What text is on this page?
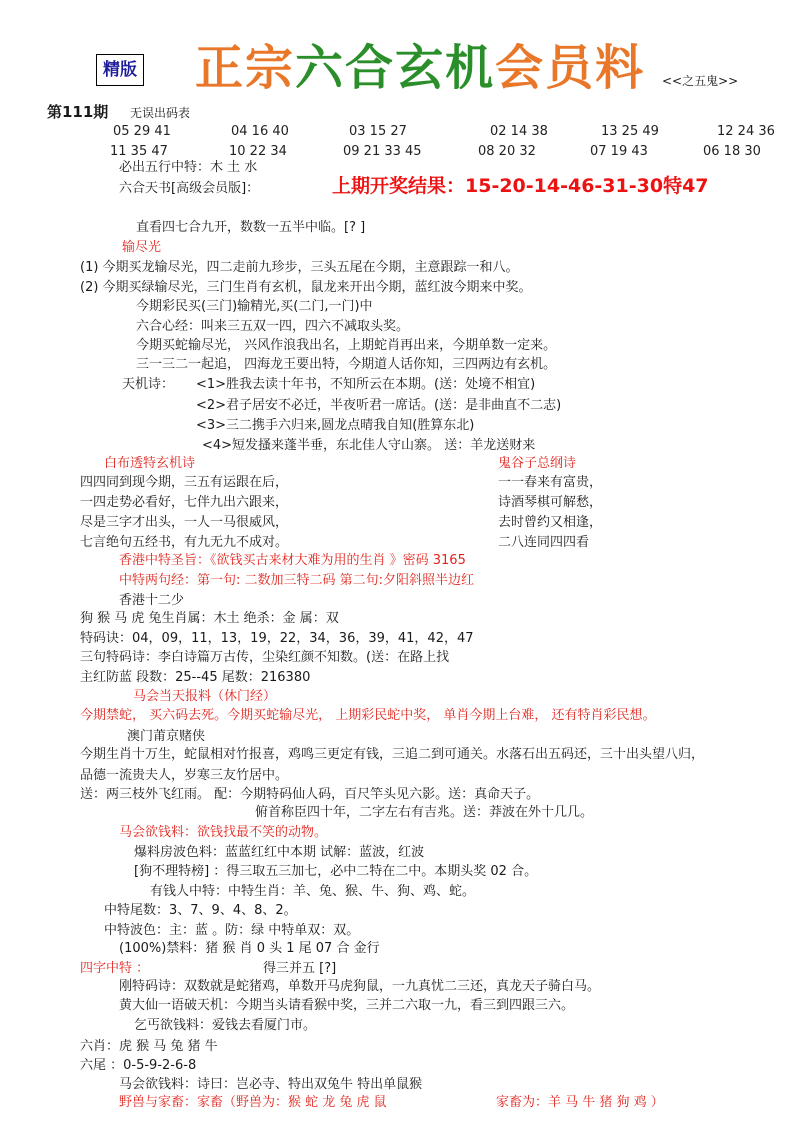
精版 正宗六合玄机会员料 <<之五鬼>>
第111期 无误出码表
05 29 41	04 16 40	03 15 27	02 14 38	13 25 49	12 24 36
11 35 47	10 22 34	09 21 33 45	08 20 32	07 19 43	06 18 30
上期开奖结果：15-20-14-46-31-30特47
必出五行中特：木 土 水
六合天书[高级会员版]：
直看四七合九开，数数一五半中临。[? ]
输尽光
(1) 今期买龙输尽光，四二走前九珍步，三头五尾在今期，主意跟踪一和八。
(2) 今期买绿输尽光，三门生肖有玄机，鼠龙来开出今期，蓝红波今期来中奖。
今期彩民买(三门)输精光,买(二门,一门)中
六合心经：叫来三五双一四，四六不减取头奖。
今期买蛇输尽光， 兴风作浪我出名，上期蛇肖再出来，今期单数一定来。
三一三二一起追， 四海龙王要出特，今期道人话你知，三四两边有玄机。
天机诗： <1>胜我去读十年书，不知所云在本期。(送：处境不相宜)
<2>君子居安不必迁，半夜听君一席话。(送：是非曲直不二志)
<3>三二携手六归来,圆龙点晴我自知(胜算东北)
<4>短发搔来蓬半垂，东北佳人守山寨。 送：羊龙送财来
白布透特玄机诗	鬼谷子总纲诗
四四同到现今期，三五有运跟在后，	一一春来有富贵，
一四走势必看好，七伴九出六跟来，	诗酒琴棋可解愁，
尽是三字才出头，一人一马很威风，	去时曾约又相逢，
七言绝句五经书，有九无九不成对。	二八连同四四看
香港中特圣旨：《欲钱买古来材大难为用的生肖 》密码 3165
中特两句经：第一句: 二数加三特二码 第二句:夕阳斜照半边红
香港十二少
狗 猴 马 虎 兔生肖属：木土 绝杀：金 属：双
特码诀：04，09，11，13，19，22，34，36，39，41，42，47
三句特码诗：李白诗篇万古传，尘染红颜不知数。(送：在路上找
主红防蓝 段数：25--45 尾数：216380
马会当天报料（休门经）
今期禁蛇， 买六码去死。今期买蛇输尽光， 上期彩民蛇中奖， 单肖今期上台难， 还有特肖彩民想。
澳门莆京赌侠
今期生肖十万生，蛇鼠相对竹报喜，鸡鸣三更定有钱，三追二到可通关。水落石出五码还，三十出头望八归，
品德一流贵夫人，岁寒三友竹居中。
送：两三枝外飞红雨。 配：今期特码仙人码，百尺竿头见六影。送：真命天子。
俯首称臣四十年，二字左右有吉兆。送：莽波在外十几几。
马会欲钱料：欲钱找最不笑的动物。
爆料房波色料：蓝蓝红红中本期 试解：蓝波，红波
[狗不理特榜] ：得三取五三加七，必中二特在二中。本期头奖 02 合。
有钱人中特：中特生肖：羊、兔、猴、牛、狗、鸡、蛇。
中特尾数：3、7、9、4、8、2。
中特波色：主：蓝 。防：绿 中特单双：双。
(100%)禁料：猪 猴 肖 0 头 1 尾 07 合 金行
四字中特 ：	得三并五 [?]
刚特码诗：双数就是蛇猪鸡，单数开马虎狗鼠，一九真忧二三还，真龙天子骑白马。
黄大仙一语破天机：今期当头请看猴中奖，三并二六取一九，看三到四跟三六。
乞丐欲钱料：爱钱去看厦门市。
六肖：虎 猴 马 兔 猪 牛
六尾 ：0-5-9-2-6-8
马会欲钱料：诗曰：岂必寺、特出双兔牛 特出单鼠猴
野兽与家畜：家畜（野兽为：猴 蛇 龙 兔 虎 鼠	家畜为：羊 马 牛 猪 狗 鸡 ）
